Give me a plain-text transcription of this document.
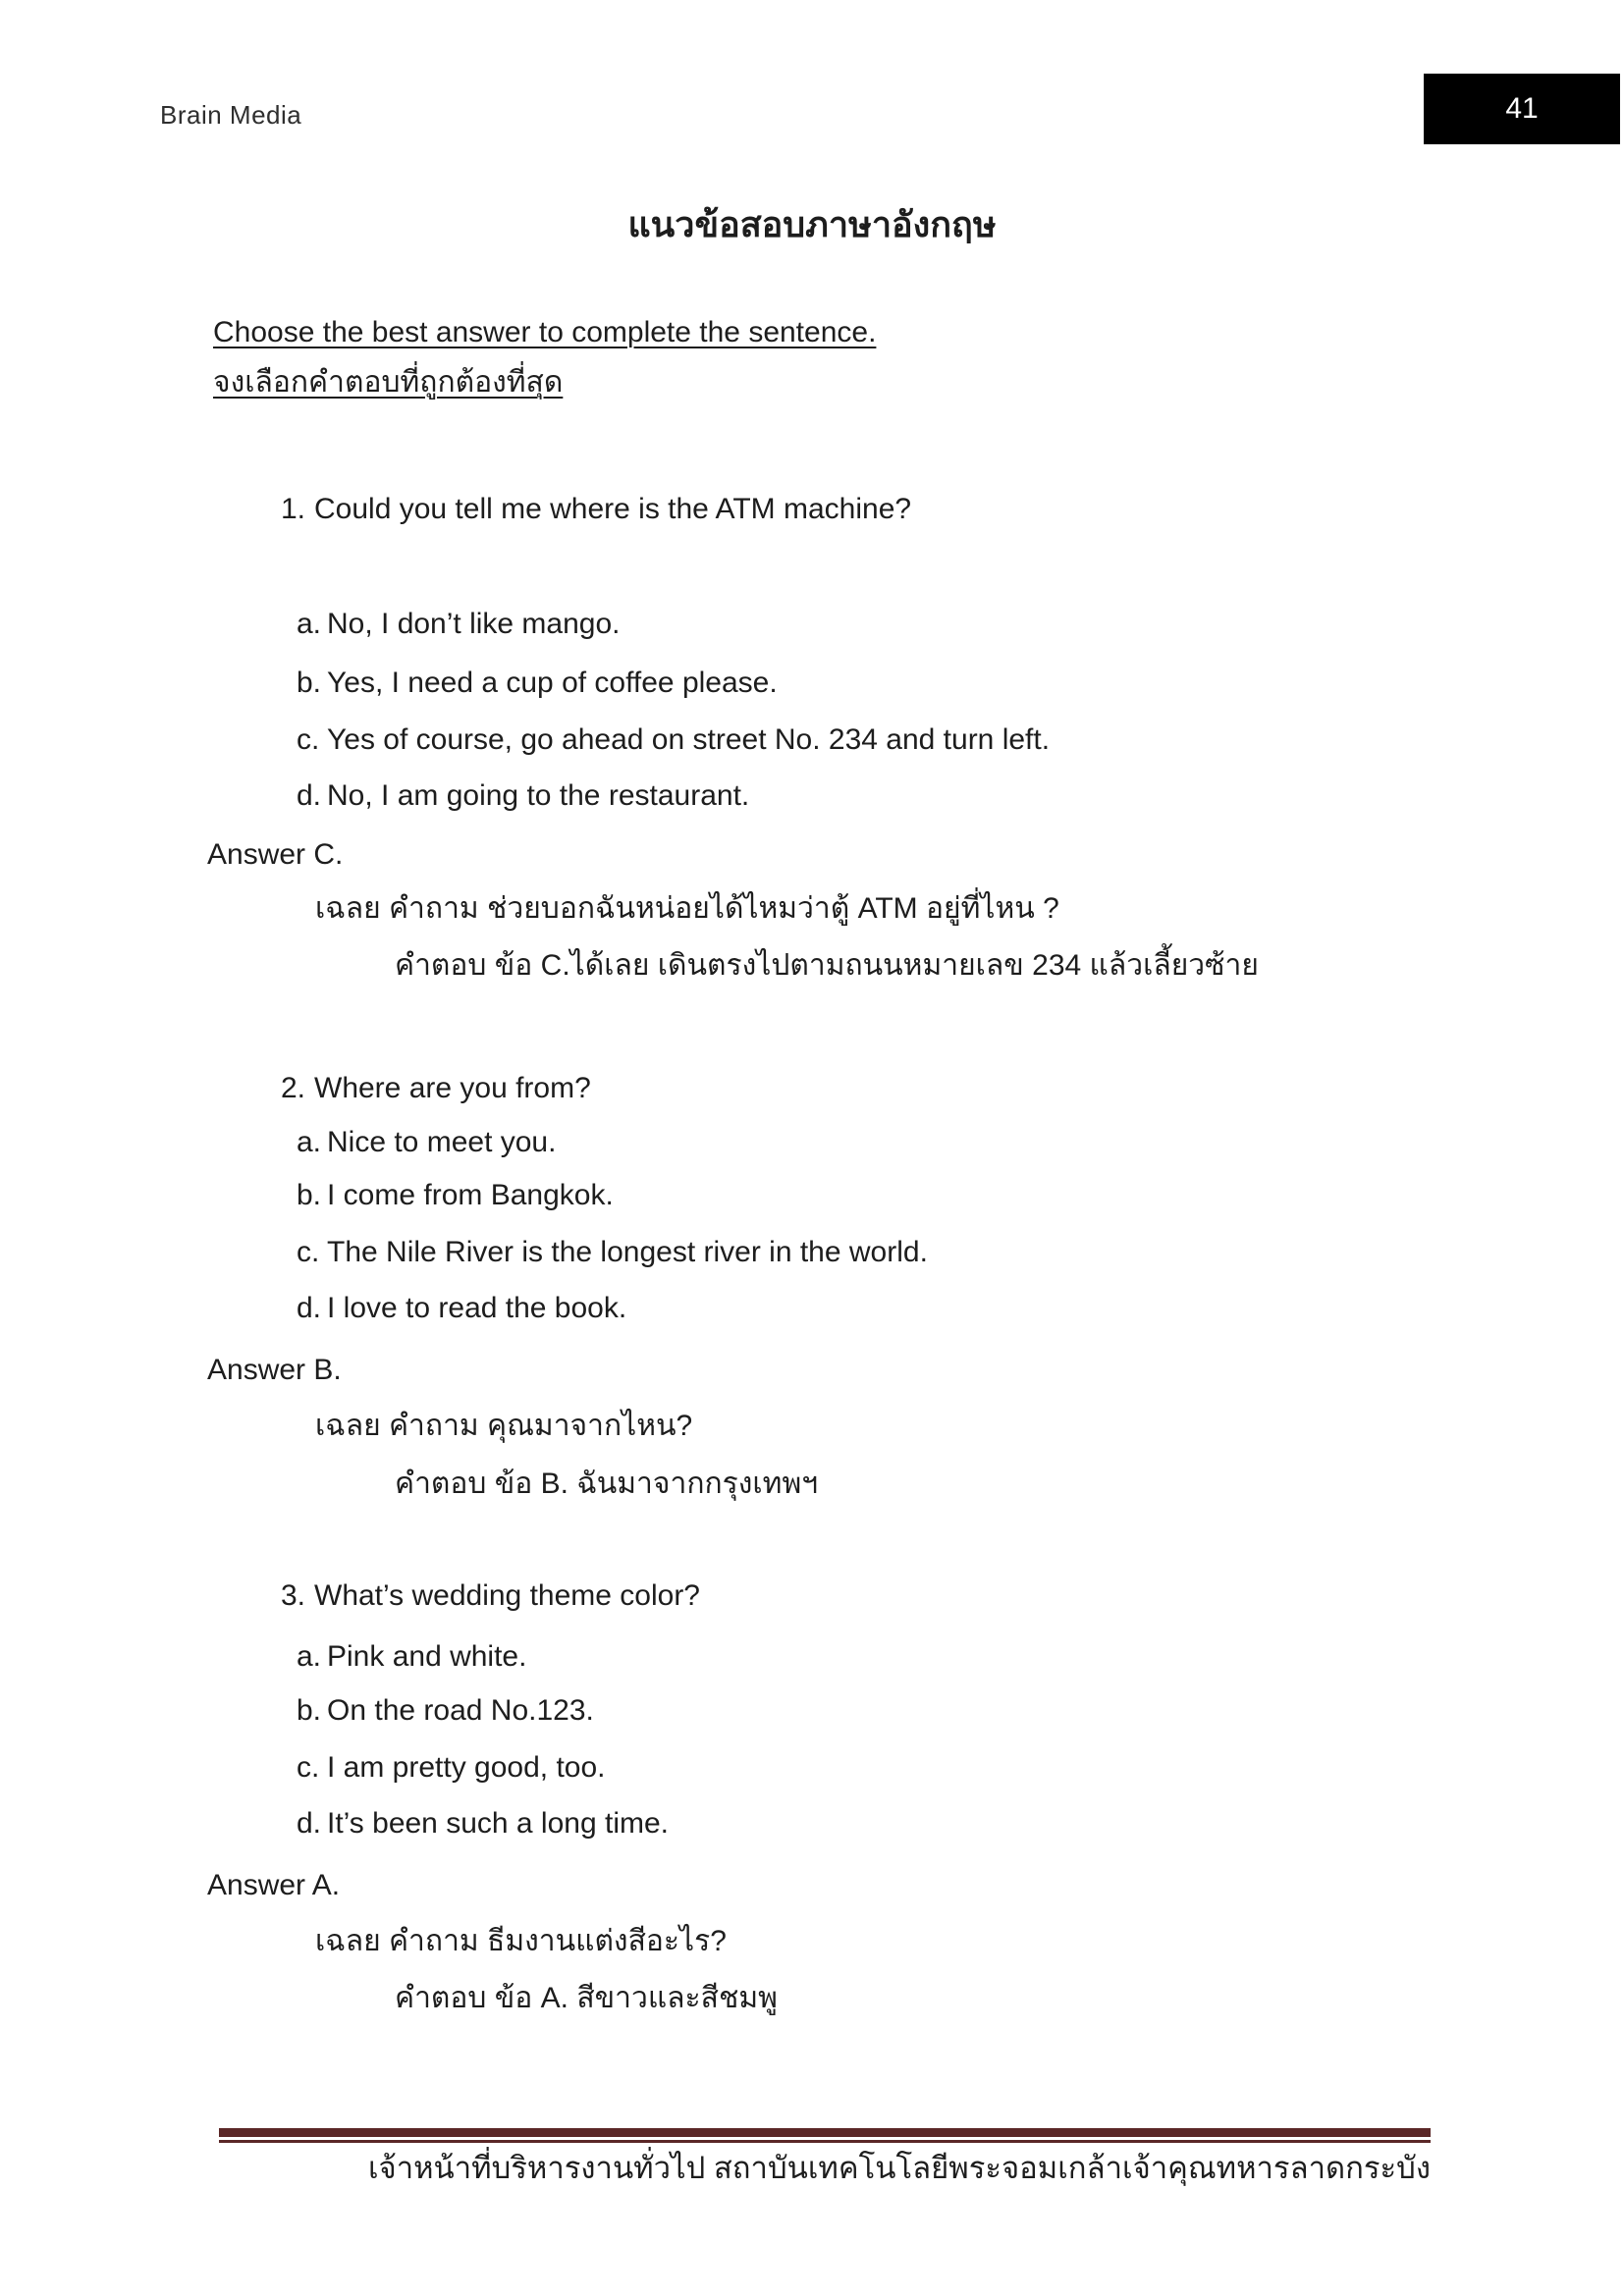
Brain Media	41
แนวข้อสอบภาษาอังกฤษ
Choose the best answer to complete the sentence.
จงเลือกคำตอบที่ถูกต้องที่สุด
1. Could you tell me where is the ATM machine?
a. No, I don’t like mango.
b. Yes, I need a cup of coffee please.
c. Yes of course, go ahead on street No. 234 and turn left.
d. No, I am going to the restaurant.
Answer C.
เฉลย คำถาม ช่วยบอกฉันหน่อยได้ไหมว่าตู้ ATM อยู่ที่ไหน ?
คำตอบ ข้อ C.ได้เลย เดินตรงไปตามถนนหมายเลข 234 แล้วเลี้ยวซ้าย
2. Where are you from?
a. Nice to meet you.
b. I come from Bangkok.
c. The Nile River is the longest river in the world.
d. I love to read the book.
Answer B.
เฉลย คำถาม คุณมาจากไหน?
คำตอบ ข้อ B. ฉันมาจากกรุงเทพฯ
3. What’s wedding theme color?
a. Pink and white.
b. On the road No.123.
c. I am pretty good, too.
d. It’s been such a long time.
Answer A.
เฉลย คำถาม ธีมงานแต่งสีอะไร?
คำตอบ ข้อ A. สีขาวและสีชมพู
เจ้าหน้าที่บริหารงานทั่วไป สถาบันเทคโนโลยีพระจอมเกล้าเจ้าคุณทหารลาดกระบัง
